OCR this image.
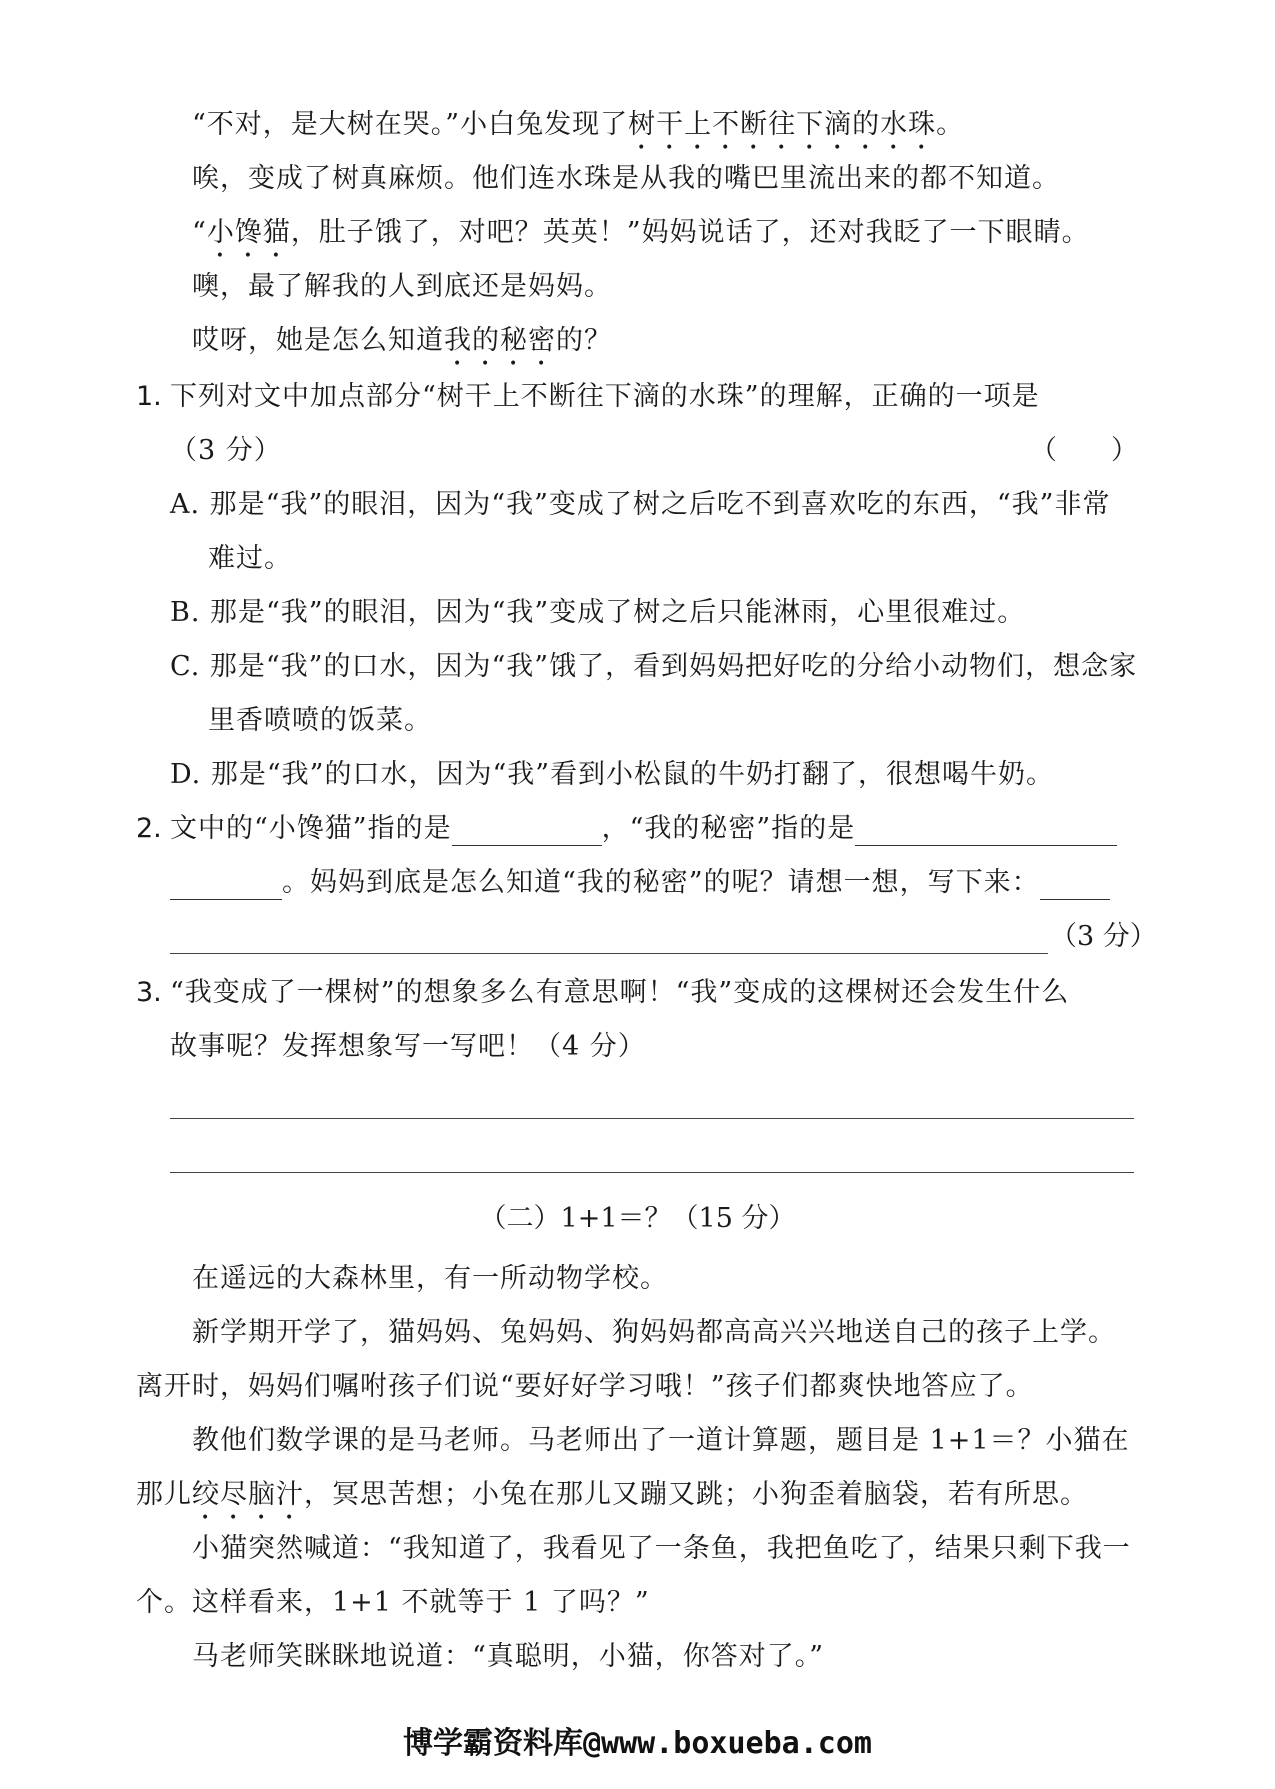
“不对，是大树在哭。”小白兔发现了树干上不断往下滴的水珠。
唉，变成了树真麻烦。他们连水珠是从我的嘴巴里流出来的都不知道。
“小馋猫，肚子饿了，对吧？英英！”妈妈说话了，还对我眨了一下眼睛。
噢，最了解我的人到底还是妈妈。
哎呀，她是怎么知道我的秘密的？
1. 下列对文中加点部分“树干上不断往下滴的水珠”的理解，正确的一项是
（3 分）	（　　）
A. 那是“我”的眼泪，因为“我”变成了树之后吃不到喜欢吃的东西，“我”非常
难过。
B. 那是“我”的眼泪，因为“我”变成了树之后只能淋雨，心里很难过。
C. 那是“我”的口水，因为“我”饿了，看到妈妈把好吃的分给小动物们，想念家
里香喷喷的饭菜。
D. 那是“我”的口水，因为“我”看到小松鼠的牛奶打翻了，很想喝牛奶。
2. 文中的“小馋猫”指的是	，“我的秘密”指的是
。妈妈到底是怎么知道“我的秘密”的呢？请想一想，写下来：
（3 分）
3. “我变成了一棵树”的想象多么有意思啊！“我”变成的这棵树还会发生什么
故事呢？发挥想象写一写吧！（4 分）
（二）1+1＝？（15 分）
在遥远的大森林里，有一所动物学校。
新学期开学了，猫妈妈、兔妈妈、狗妈妈都高高兴兴地送自己的孩子上学。
离开时，妈妈们嘱咐孩子们说“要好好学习哦！”孩子们都爽快地答应了。
教他们数学课的是马老师。马老师出了一道计算题，题目是 1+1＝？小猫在
那儿绞尽脑汁，冥思苦想；小兔在那儿又蹦又跳；小狗歪着脑袋，若有所思。
小猫突然喊道：“我知道了，我看见了一条鱼，我把鱼吃了，结果只剩下我一
个。这样看来，1+1 不就等于 1 了吗？”
马老师笑眯眯地说道：“真聪明，小猫，你答对了。”
博学霸资料库@www.boxueba.com
